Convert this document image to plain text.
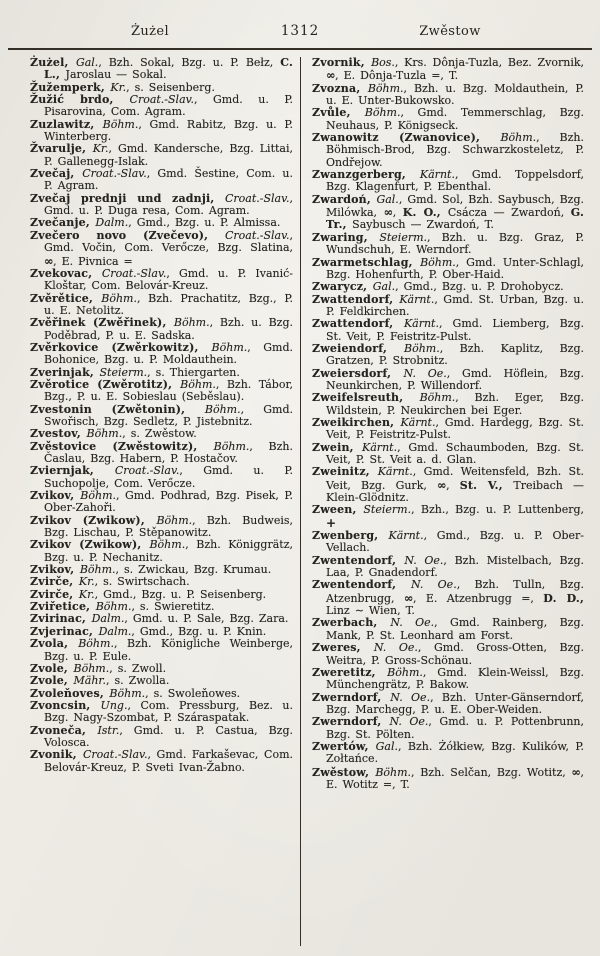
Żużel	1312	Zwěstow

Żużel, Gal., Bzh. Sokal, Bzg. u. P. Bełz, C. L., Jaroslau — Sokal.

Žužemperk, Kr., s. Seisenberg.

Žužić brdo, Croat.-Slav., Gmd. u. P. Pisarovina, Com. Agram.

Zuzlawitz, Böhm., Gmd. Rabitz, Bzg. u. P. Winterberg.

Žvarulje, Kr., Gmd. Kandersche, Bzg. Littai, P. Gallenegg-Islak.

Zvečaj, Croat.-Slav., Gmd. Šestine, Com. u. P. Agram.

Zvečaj prednji und zadnji, Croat.-Slav., Gmd. u. P. Duga resa, Com. Agram.

Zvečanje, Dalm., Gmd., Bzg. u. P. Almissa.

Zvečero novo (Zvečevo), Croat.-Slav., Gmd. Vočin, Com. Verőcze, Bzg. Slatina, ∞, E. Pivnica =

Zvekovac, Croat.-Slav., Gmd. u. P. Ivanić-Kloštar, Com. Belovár-Kreuz.

Zvěrětice, Böhm., Bzh. Prachatitz, Bzg., P. u. E. Netolitz.

Zvěřinek (Zwěřinek), Böhm., Bzh. u. Bzg. Poděbrad, P. u. E. Sadska.

Zvěrkovice (Zwěrkowitz), Böhm., Gmd. Bohonice, Bzg. u. P. Moldauthein.

Zverinjak, Steierm., s. Thiergarten.

Zvěrotice (Zwěrotitz), Böhm., Bzh. Tábor, Bzg., P. u. E. Sobieslau (Seběslau).

Zvestonin (Zwětonin), Böhm., Gmd. Swořisch, Bzg. Sedletz, P. Jistebnitz.

Zvestov, Böhm., s. Zwěstow.

Zvěstovice (Zwěstowitz), Böhm., Bzh. Časlau, Bzg. Habern, P. Hostačov.

Zviernjak, Croat.-Slav., Gmd. u. P. Suchopolje, Com. Verőcze.

Zvikov, Böhm., Gmd. Podhrad, Bzg. Pisek, P. Ober-Zahoři.

Zvikov (Zwikow), Böhm., Bzh. Budweis, Bzg. Lischau, P. Stěpanowitz.

Zvikov (Zwikow), Böhm., Bzh. Königgrätz, Bzg. u. P. Nechanitz.

Zvikov, Böhm., s. Zwickau, Bzg. Krumau.

Zvirče, Kr., s. Swirtschach.

Zvirče, Kr., Gmd., Bzg. u. P. Seisenberg.

Zviřetice, Böhm., s. Swieretitz.

Zvirinac, Dalm., Gmd. u. P. Sale, Bzg. Zara.

Zvjerinac, Dalm., Gmd., Bzg. u. P. Knin.

Zvola, Böhm., Bzh. Königliche Weinberge, Bzg. u. P. Eule.

Zvole, Böhm., s. Zwoll.

Zvole, Mähr., s. Zwolla.

Zvoleňoves, Böhm., s. Swoleňowes.

Zvoncsin, Ung., Com. Pressburg, Bez. u. Bzg. Nagy-Szombat, P. Száraspatak.

Zvoneča, Istr., Gmd. u. P. Castua, Bzg. Volosca.

Zvonik, Croat.-Slav., Gmd. Farkaševac, Com. Belovár-Kreuz, P. Sveti Ivan-Žabno.

Zvornik, Bos., Krs. Dônja-Tuzla, Bez. Zvornik, ∞, E. Dônja-Tuzla =, T.

Zvozna, Böhm., Bzh. u. Bzg. Moldauthein, P. u. E. Unter-Bukowsko.

Zvůle, Böhm., Gmd. Temmerschlag, Bzg. Neuhaus, P. Königseck.

Zwanowitz (Zwanovice), Böhm., Bzh. Böhmisch-Brod, Bzg. Schwarzkosteletz, P. Ondřejow.

Zwanzgerberg, Kärnt., Gmd. Toppelsdorf, Bzg. Klagenfurt, P. Ebenthal.

Zwardoń, Gal., Gmd. Sol, Bzh. Saybusch, Bzg. Milówka, ∞, K. O., Csácza — Zwardoń, G. Tr., Saybusch — Zwardoń, T.

Zwaring, Steierm., Bzh. u. Bzg. Graz, P. Wundschuh, E. Werndorf.

Zwarmetschlag, Böhm., Gmd. Unter-Schlagl, Bzg. Hohenfurth, P. Ober-Haid.

Zwarycz, Gal., Gmd., Bzg. u. P. Drohobycz.

Zwattendorf, Kärnt., Gmd. St. Urban, Bzg. u. P. Feldkirchen.

Zwattendorf, Kärnt., Gmd. Liemberg, Bzg. St. Veit, P. Feistritz-Pulst.

Zweiendorf, Böhm., Bzh. Kaplitz, Bzg. Gratzen, P. Strobnitz.

Zweiersdorf, N. Oe., Gmd. Höflein, Bzg. Neunkirchen, P. Willendorf.

Zweifelsreuth, Böhm., Bzh. Eger, Bzg. Wildstein, P. Neukirchen bei Eger.

Zweikirchen, Kärnt., Gmd. Hardegg, Bzg. St. Veit, P. Feistritz-Pulst.

Zwein, Kärnt., Gmd. Schaumboden, Bzg. St. Veit, P. St. Veit a. d. Glan.

Zweinitz, Kärnt., Gmd. Weitensfeld, Bzh. St. Veit, Bzg. Gurk, ∞, St. V., Treibach — Klein-Glödnitz.

Zween, Steierm., Bzh., Bzg. u. P. Luttenberg, +

Zwenberg, Kärnt., Gmd., Bzg. u. P. Ober-Vellach.

Zwentendorf, N. Oe., Bzh. Mistelbach, Bzg. Laa, P. Gnadendorf.

Zwentendorf, N. Oe., Bzh. Tulln, Bzg. Atzenbrugg, ∞, E. Atzenbrugg =, D. D., Linz ∼ Wien, T.

Zwerbach, N. Oe., Gmd. Rainberg, Bzg. Mank, P. St. Leonhard am Forst.

Zweres, N. Oe., Gmd. Gross-Otten, Bzg. Weitra, P. Gross-Schönau.

Zweretitz, Böhm., Gmd. Klein-Weissl, Bzg. Münchengrätz, P. Bakow.

Zwerndorf, N. Oe., Bzh. Unter-Gänserndorf, Bzg. Marchegg, P. u. E. Ober-Weiden.

Zwerndorf, N. Oe., Gmd. u. P. Pottenbrunn, Bzg. St. Pölten.

Zwertów, Gal., Bzh. Żółkiew, Bzg. Kulików, P. Zołtańce.

Zwěstow, Böhm., Bzh. Selčan, Bzg. Wotitz, ∞, E. Wotitz =, T.
